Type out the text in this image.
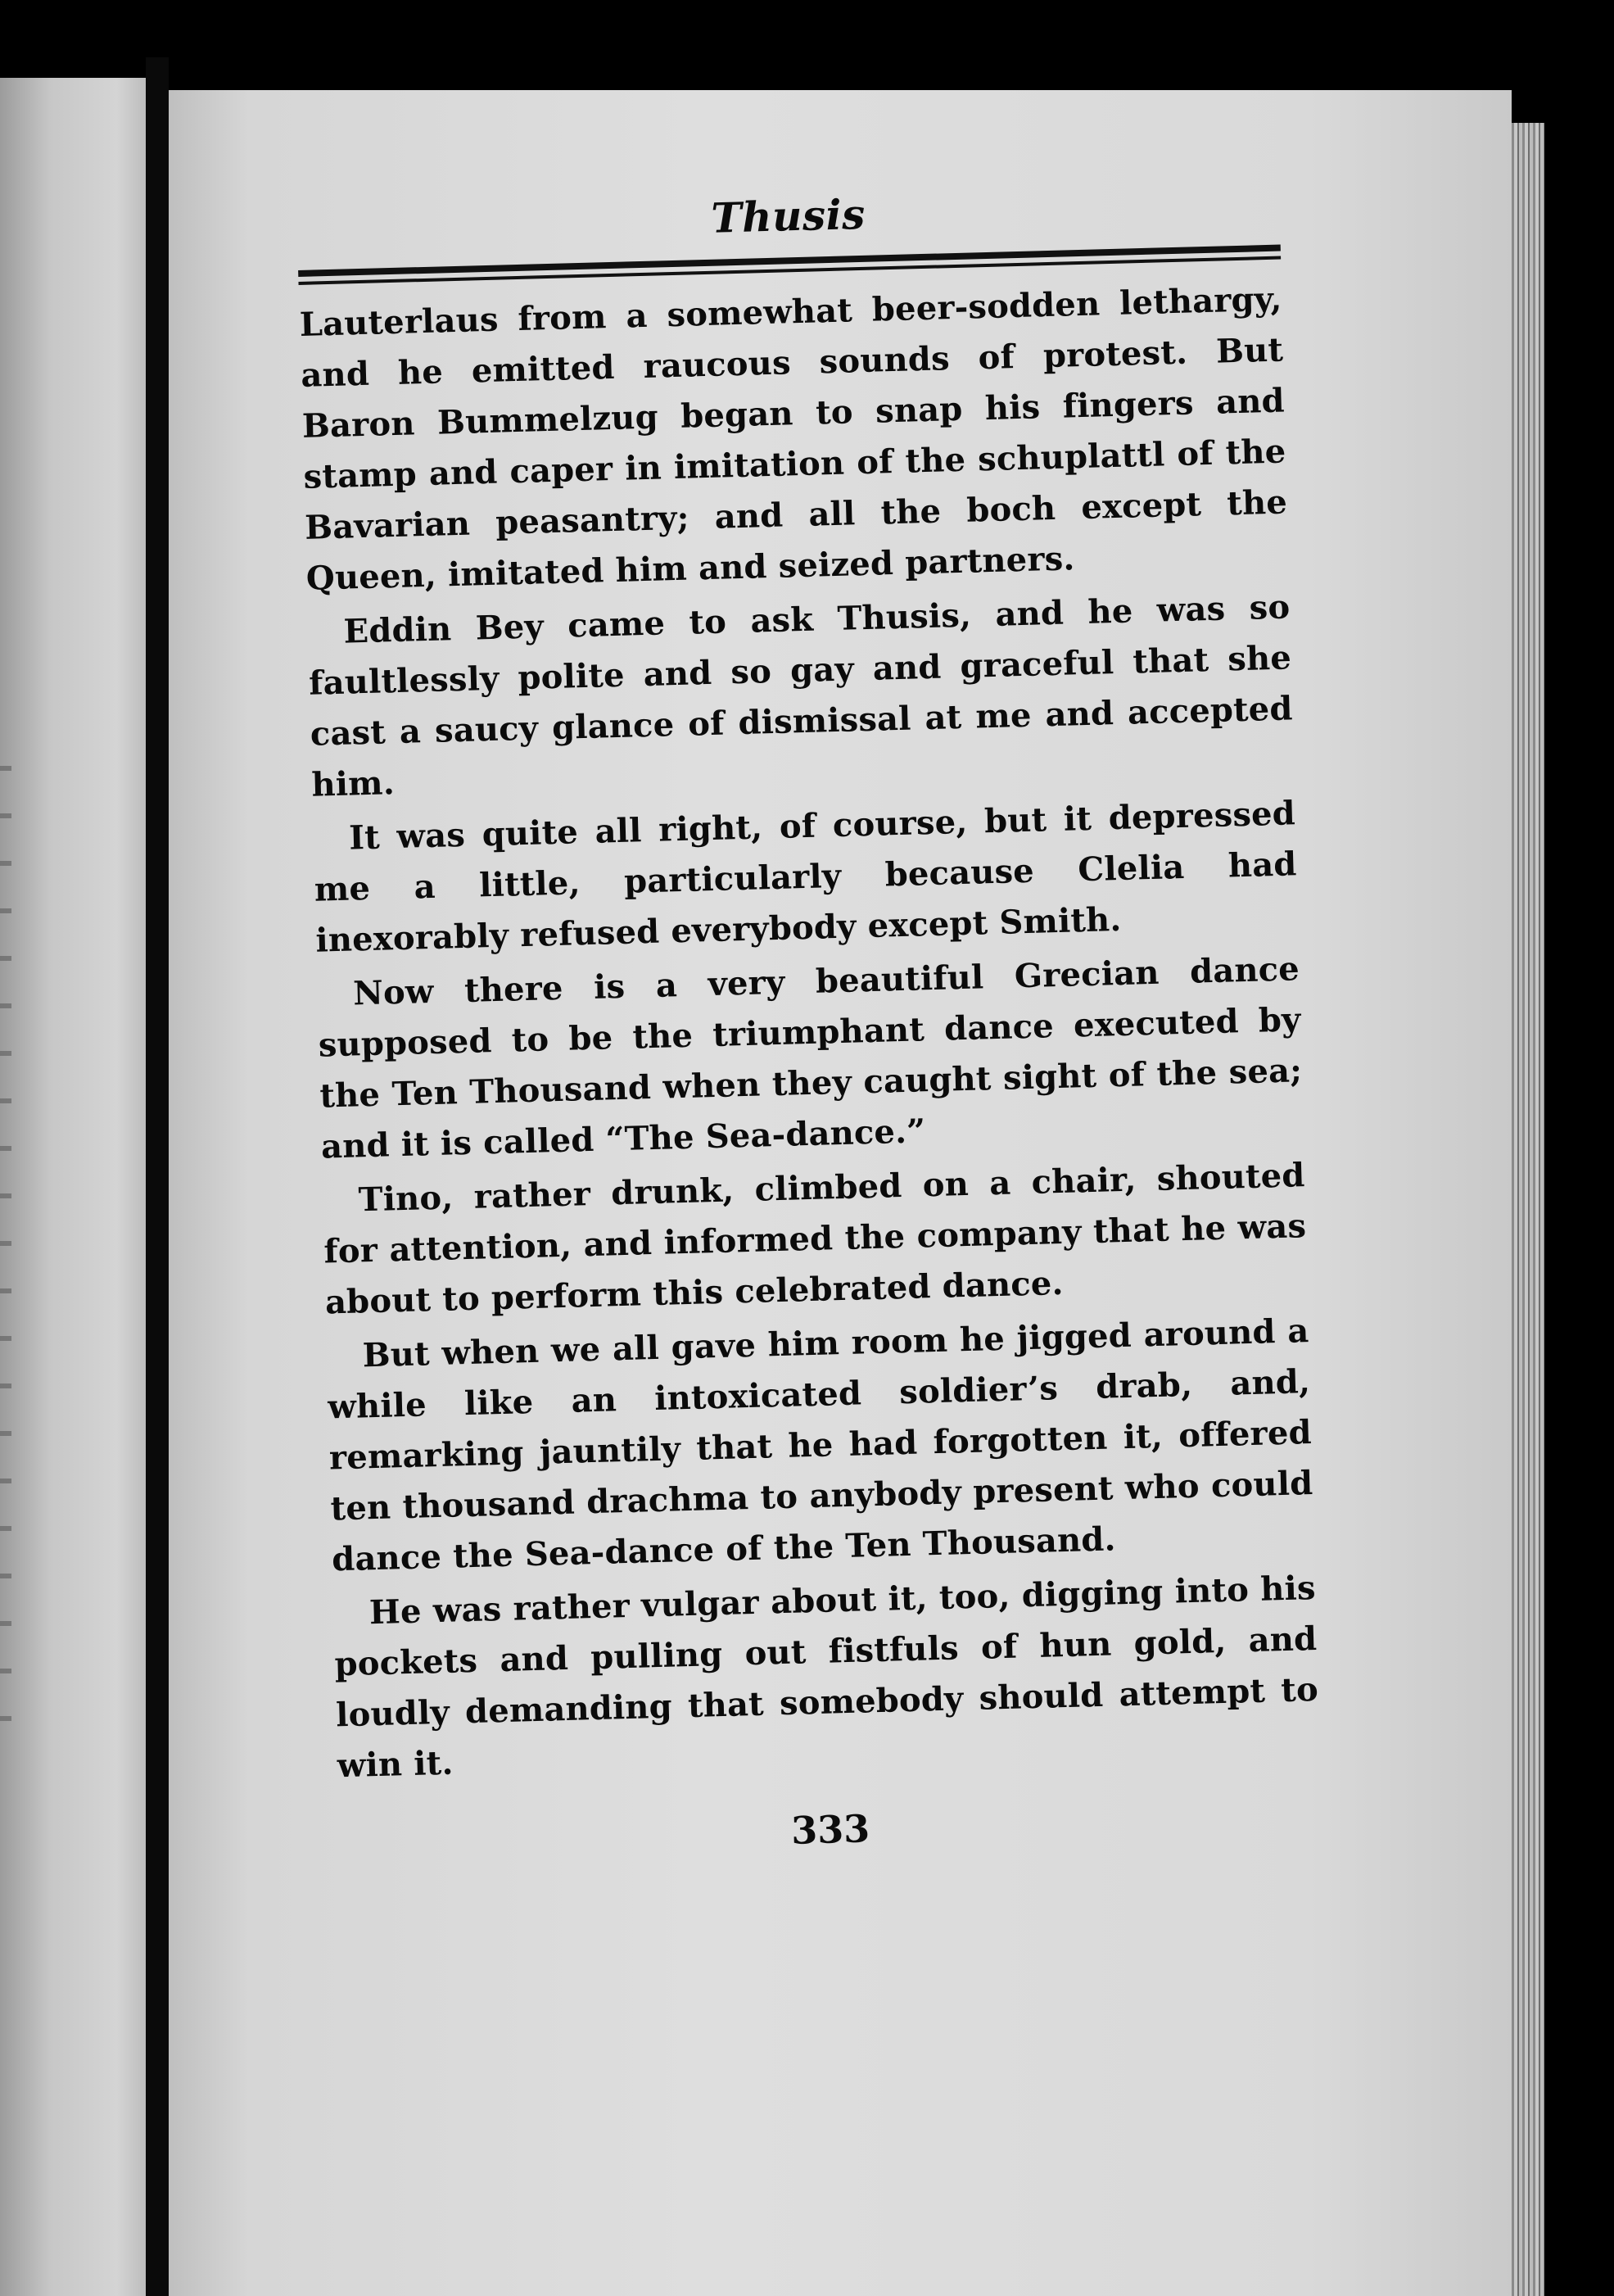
Thusis

Lauterlaus from a somewhat beer-sodden lethargy, and he emitted raucous sounds of protest. But Baron Bummelzug began to snap his fingers and stamp and caper in imitation of the schuplattl of the Bavarian peasantry; and all the boch except the Queen, imitated him and seized partners.

Eddin Bey came to ask Thusis, and he was so faultlessly polite and so gay and graceful that she cast a saucy glance of dismissal at me and accepted him.

It was quite all right, of course, but it depressed me a little, particularly because Clelia had inexorably refused everybody except Smith.

Now there is a very beautiful Grecian dance supposed to be the triumphant dance executed by the Ten Thousand when they caught sight of the sea; and it is called “The Sea-dance.”

Tino, rather drunk, climbed on a chair, shouted for attention, and informed the company that he was about to perform this celebrated dance.

But when we all gave him room he jigged around a while like an intoxicated soldier’s drab, and, remarking jauntily that he had forgotten it, offered ten thousand drachma to anybody present who could dance the Sea-dance of the Ten Thousand.

He was rather vulgar about it, too, digging into his pockets and pulling out fistfuls of hun gold, and loudly demanding that somebody should attempt to win it.

333
